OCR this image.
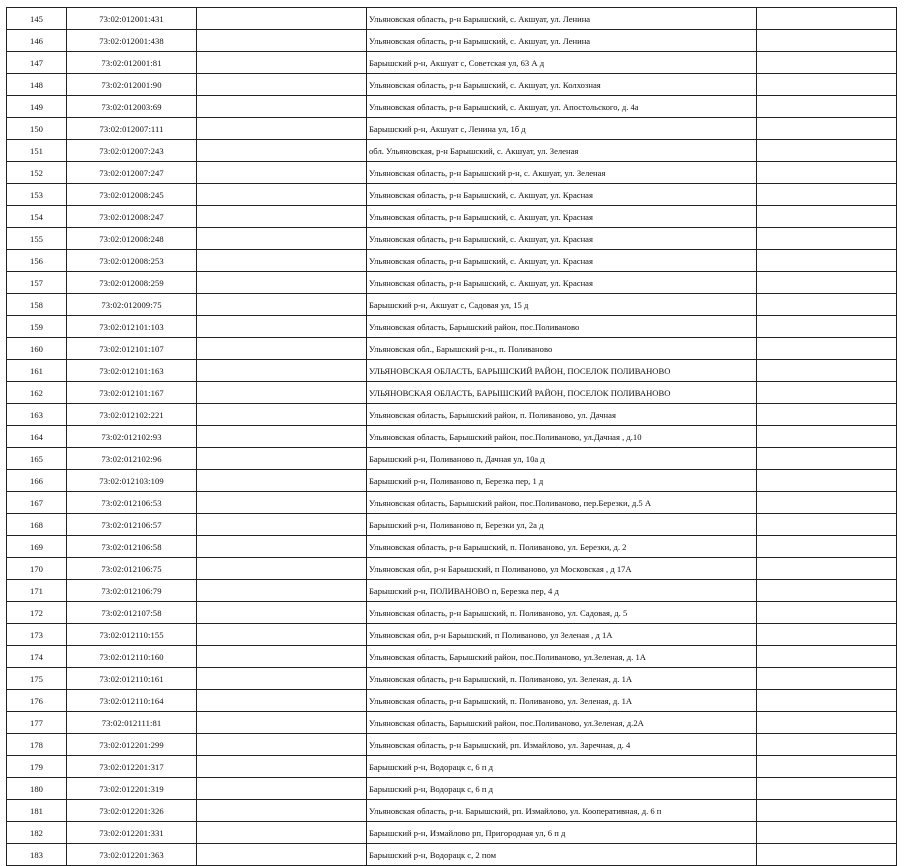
145	73:02:012001:431		Ульяновская область, р-н Барышский, с. Акшуат, ул. Ленина	
146	73:02:012001:438		Ульяновская область, р-н Барышский, с. Акшуат, ул. Ленина	
147	73:02:012001:81		Барышский р-н, Акшуат с, Советская ул, 63 А д	
148	73:02:012001:90		Ульяновская область, р-н Барышский, с. Акшуат, ул. Колхозная	
149	73:02:012003:69		Ульяновская область, р-н Барышский, с. Акшуат, ул. Апостольского, д. 4а	
150	73:02:012007:111		Барышский р-н, Акшуат с, Ленина ул, 1б д	
151	73:02:012007:243		обл. Ульяновская, р-н Барышский, с. Акшуат, ул. Зеленая	
152	73:02:012007:247		Ульяновская область, р-н Барышский р-н, с. Акшуат, ул. Зеленая	
153	73:02:012008:245		Ульяновская область, р-н Барышский, с. Акшуат, ул. Красная	
154	73:02:012008:247		Ульяновская область, р-н Барышский, с. Акшуат, ул. Красная	
155	73:02:012008:248		Ульяновская область, р-н Барышский, с. Акшуат, ул. Красная	
156	73:02:012008:253		Ульяновская область, р-н Барышский, с. Акшуат, ул. Красная	
157	73:02:012008:259		Ульяновская область, р-н Барышский, с. Акшуат, ул. Красная	
158	73:02:012009:75		Барышский р-н, Акшуат с, Садовая ул, 15 д	
159	73:02:012101:103		Ульяновская область, Барышский район, пос.Поливаново	
160	73:02:012101:107		Ульяновская обл., Барышский р-н., п. Поливаново	
161	73:02:012101:163		УЛЬЯНОВСКАЯ ОБЛАСТЬ, БАРЫШСКИЙ РАЙОН, ПОСЕЛОК ПОЛИВАНОВО	
162	73:02:012101:167		УЛЬЯНОВСКАЯ ОБЛАСТЬ, БАРЫШСКИЙ РАЙОН, ПОСЕЛОК ПОЛИВАНОВО	
163	73:02:012102:221		Ульяновская область, Барышский район, п. Поливаново, ул. Дачная	
164	73:02:012102:93		Ульяновская область, Барышский район, пос.Поливаново, ул.Дачная , д.10	
165	73:02:012102:96		Барышский р-н, Поливаново п, Дачная ул, 10а д	
166	73:02:012103:109		Барышский р-н, Поливаново п, Березка пер, 1 д	
167	73:02:012106:53		Ульяновская область, Барышский район, пос.Поливаново, пер.Березки, д.5 А	
168	73:02:012106:57		Барышский р-н, Поливаново п, Березки ул, 2а д	
169	73:02:012106:58		Ульяновская область, р-н Барышский, п. Поливаново, ул. Березки, д. 2	
170	73:02:012106:75		Ульяновская обл, р-н Барышский, п Поливаново, ул Московская , д 17А	
171	73:02:012106:79		Барышский р-н, ПОЛИВАНОВО п, Березка пер, 4 д	
172	73:02:012107:58		Ульяновская область, р-н Барышский, п. Поливаново, ул. Садовая, д. 5	
173	73:02:012110:155		Ульяновская обл, р-н Барышский, п Поливаново, ул Зеленая , д 1А	
174	73:02:012110:160		Ульяновская область, Барышский район, пос.Поливаново, ул.Зеленая, д. 1А	
175	73:02:012110:161		Ульяновская область, р-н Барышский, п. Поливаново, ул. Зеленая, д. 1А	
176	73:02:012110:164		Ульяновская область, р-н Барышский, п. Поливаново, ул. Зеленая, д. 1А	
177	73:02:012111:81		Ульяновская область, Барышский район, пос.Поливаново, ул.Зеленая, д.2А	
178	73:02:012201:299		Ульяновская область, р-н Барышский, рп. Измайлово, ул. Заречная, д. 4	
179	73:02:012201:317		Барышский р-н, Водорацк с, 6 п д	
180	73:02:012201:319		Барышский р-н, Водорацк с, 6 п д	
181	73:02:012201:326		Ульяновская область, р-н. Барышский, рп. Измайлово, ул. Кооперативная, д. 6 п	
182	73:02:012201:331		Барышский р-н, Измайлово рп, Пригородная ул, 6 п д	
183	73:02:012201:363		Барышский р-н, Водорацк с, 2 пом	
